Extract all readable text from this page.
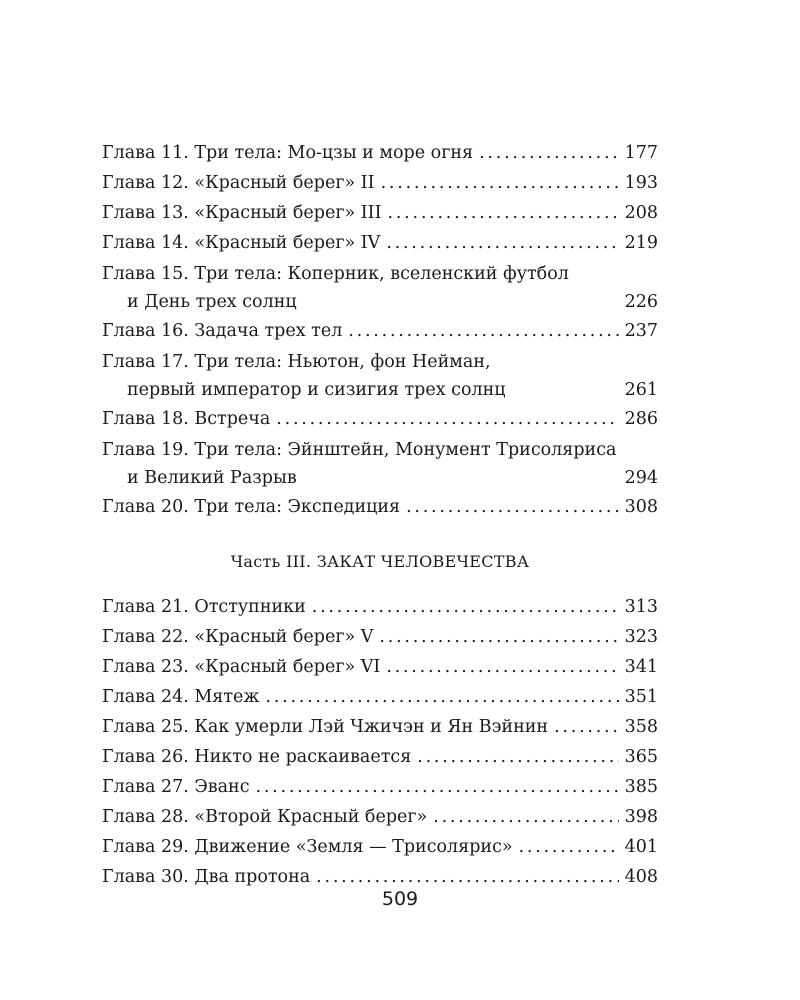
Глава 11. Три тела: Мо-цзы и море огня . . .	177
Глава 12. «Красный берег» II . . .	193
Глава 13. «Красный берег» III . . .	208
Глава 14. «Красный берег» IV . . .	219
Глава 15. Три тела: Коперник, вселенский футбол
и День трех солнц	226
Глава 16. Задача трех тел . . .	237
Глава 17. Три тела: Ньютон, фон Нейман,
первый император и сизигия трех солнц	261
Глава 18. Встреча . . .	286
Глава 19. Три тела: Эйнштейн, Монумент Трисоляриса
и Великий Разрыв	294
Глава 20. Три тела: Экспедиция . . .	308
Часть III. ЗАКАТ ЧЕЛОВЕЧЕСТВА
Глава 21. Отступники . . .	313
Глава 22. «Красный берег» V . . .	323
Глава 23. «Красный берег» VI . . .	341
Глава 24. Мятеж . . .	351
Глава 25. Как умерли Лэй Чжичэн и Ян Вэйнин . . .	358
Глава 26. Никто не раскаивается . . .	365
Глава 27. Эванс . . .	385
Глава 28. «Второй Красный берег» . . .	398
Глава 29. Движение «Земля — Трисолярис» . . .	401
Глава 30. Два протона . . .	408
509
